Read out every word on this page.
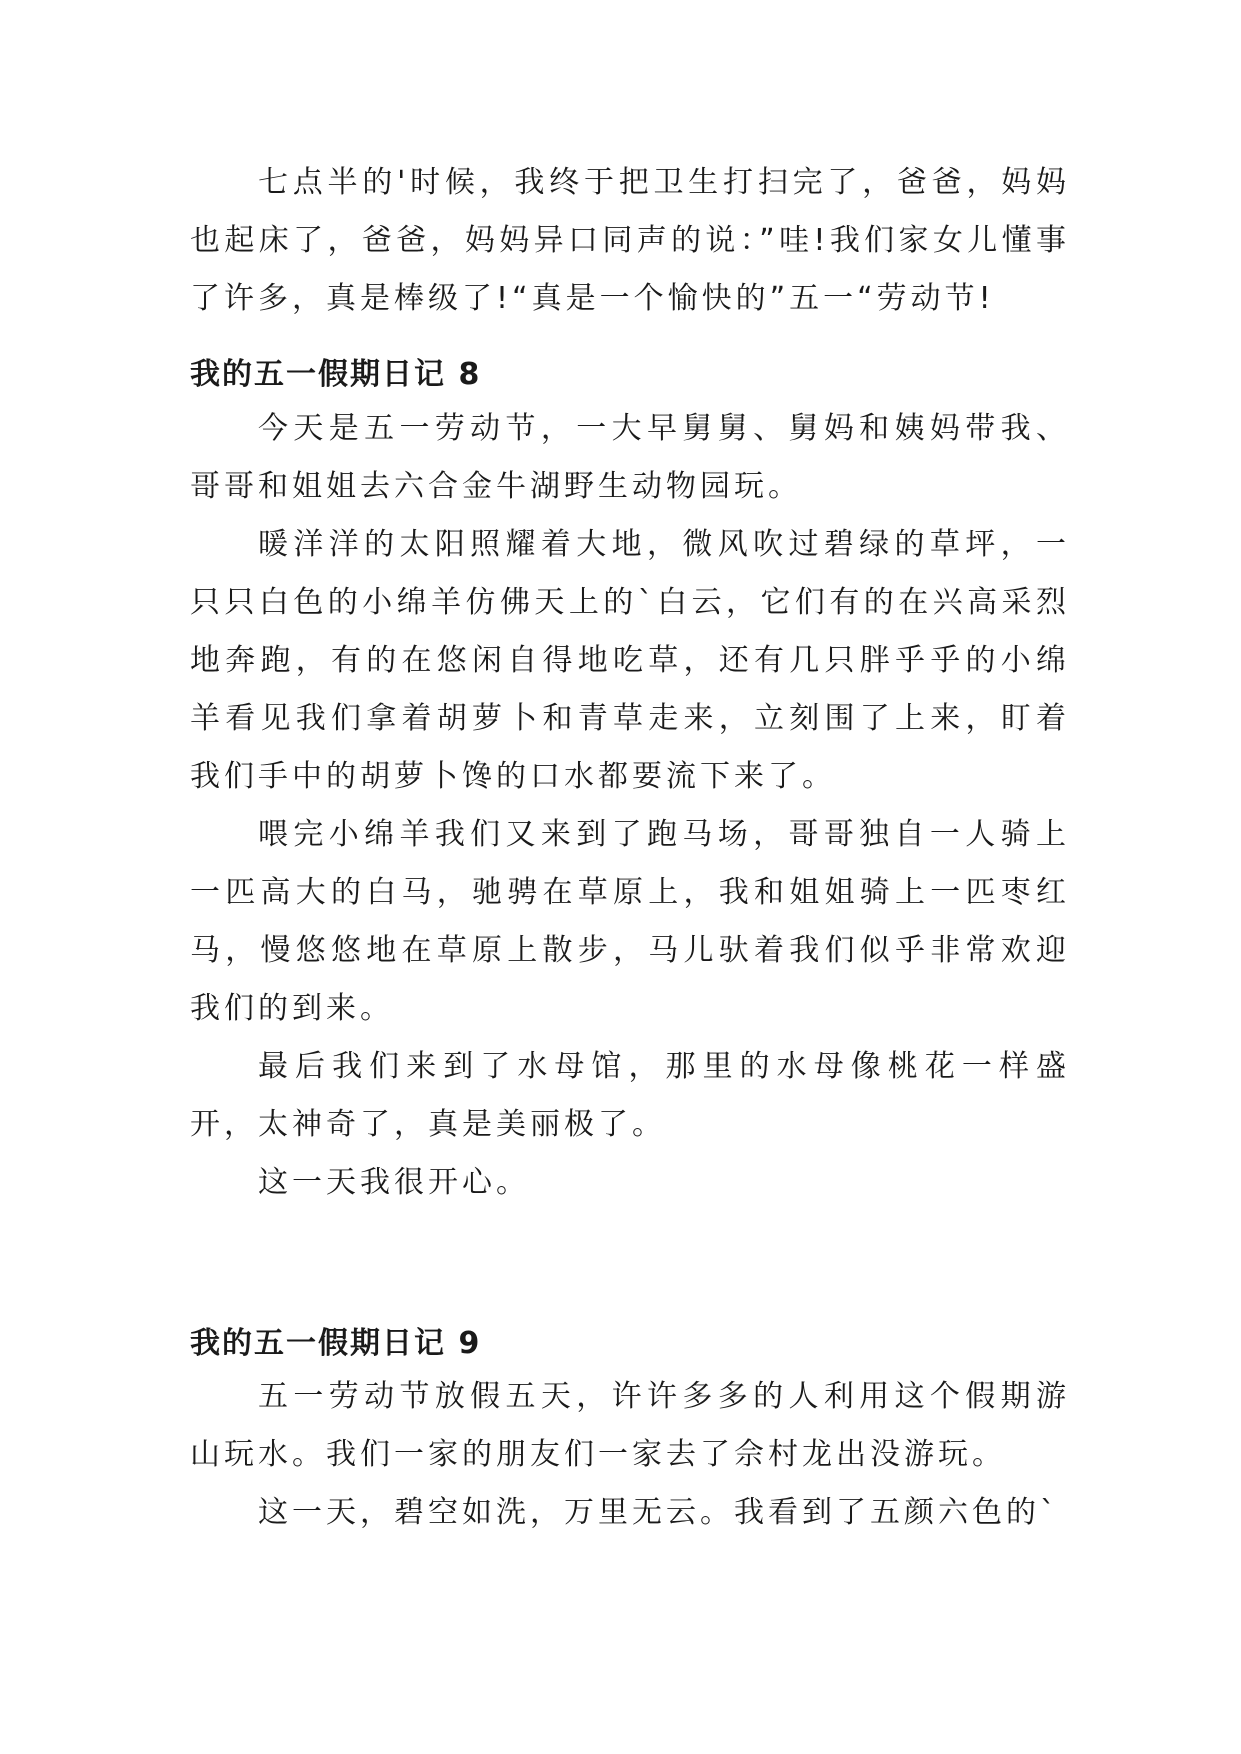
七点半的'时候，我终于把卫生打扫完了，爸爸，妈妈也起床了，爸爸，妈妈异口同声的说：”哇!我们家女儿懂事了许多，真是棒级了!“真是一个愉快的”五一“劳动节!

我的五一假期日记 8

今天是五一劳动节，一大早舅舅、舅妈和姨妈带我、哥哥和姐姐去六合金牛湖野生动物园玩。

暖洋洋的太阳照耀着大地，微风吹过碧绿的草坪，一只只白色的小绵羊仿佛天上的`白云，它们有的在兴高采烈地奔跑，有的在悠闲自得地吃草，还有几只胖乎乎的小绵羊看见我们拿着胡萝卜和青草走来，立刻围了上来，盯着我们手中的胡萝卜馋的口水都要流下来了。

喂完小绵羊我们又来到了跑马场，哥哥独自一人骑上一匹高大的白马，驰骋在草原上，我和姐姐骑上一匹枣红马，慢悠悠地在草原上散步，马儿驮着我们似乎非常欢迎我们的到来。

最后我们来到了水母馆，那里的水母像桃花一样盛开，太神奇了，真是美丽极了。

这一天我很开心。

我的五一假期日记 9

五一劳动节放假五天，许许多多的人利用这个假期游山玩水。我们一家的朋友们一家去了佘村龙出没游玩。

这一天，碧空如洗，万里无云。我看到了五颜六色的`
